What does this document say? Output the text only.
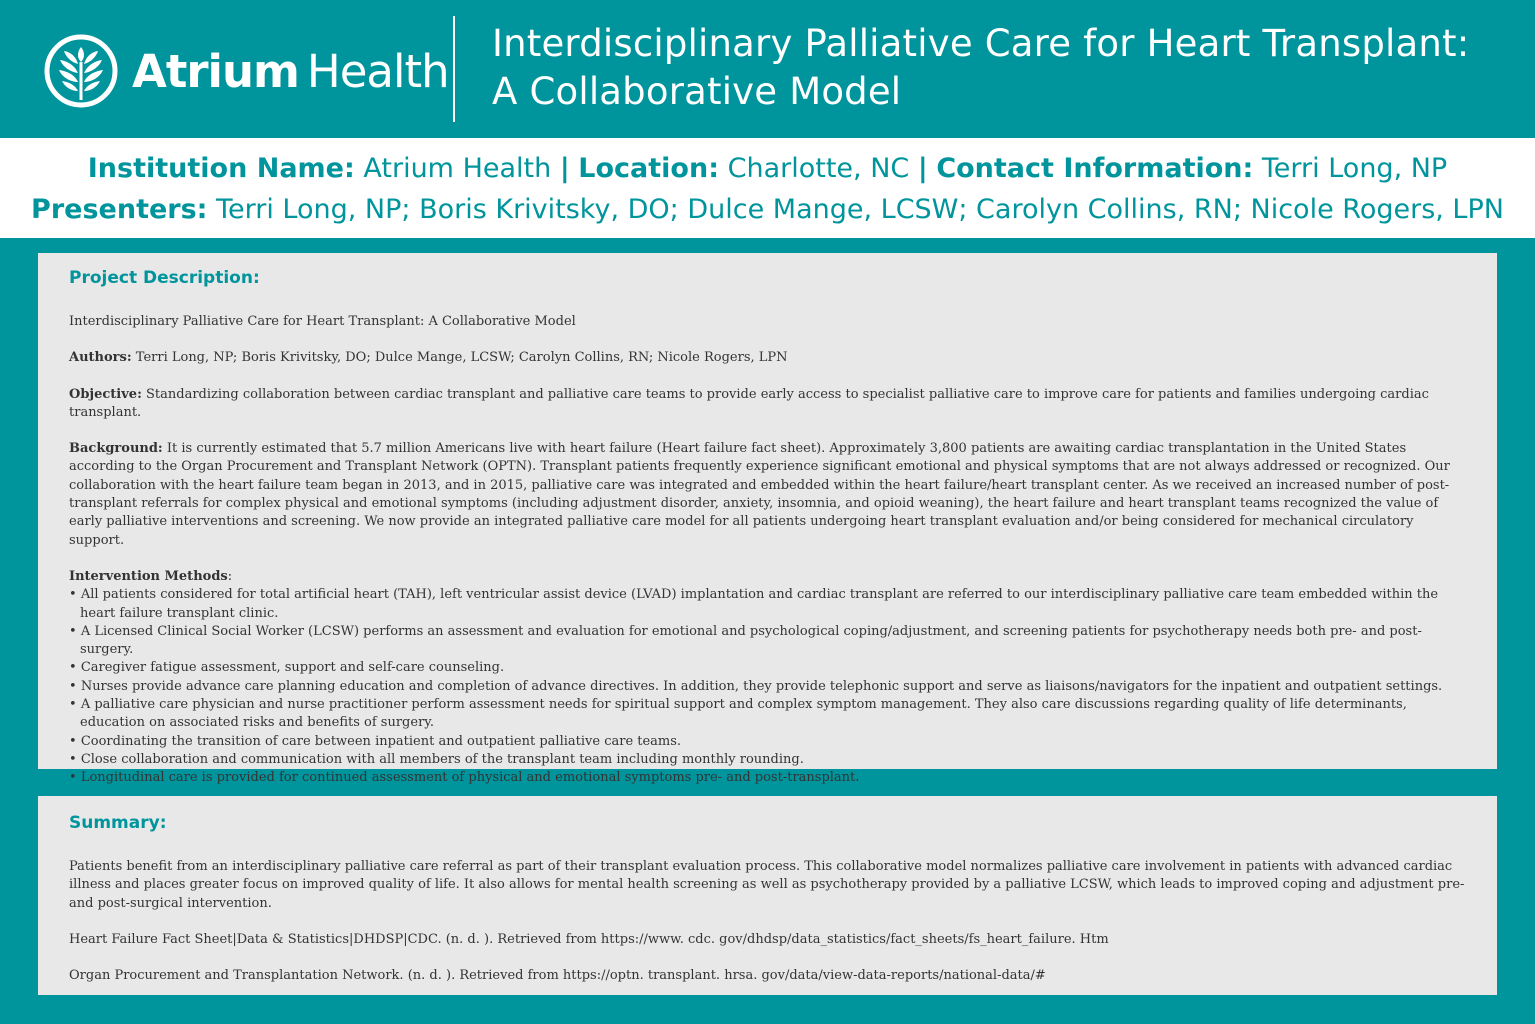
Atrium Health
Interdisciplinary Palliative Care for Heart Transplant:
A Collaborative Model
Institution Name: Atrium Health | Location: Charlotte, NC | Contact Information: Terri Long, NP
Presenters: Terri Long, NP; Boris Krivitsky, DO; Dulce Mange, LCSW; Carolyn Collins, RN; Nicole Rogers, LPN
Project Description:

Interdisciplinary Palliative Care for Heart Transplant: A Collaborative Model

Authors: Terri Long, NP; Boris Krivitsky, DO; Dulce Mange, LCSW; Carolyn Collins, RN; Nicole Rogers, LPN

Objective: Standardizing collaboration between cardiac transplant and palliative care teams to provide early access to specialist palliative care to improve care for patients and families undergoing cardiac transplant.

Background: It is currently estimated that 5.7 million Americans live with heart failure (Heart failure fact sheet). Approximately 3,800 patients are awaiting cardiac transplantation in the United States according to the Organ Procurement and Transplant Network (OPTN). Transplant patients frequently experience significant emotional and physical symptoms that are not always addressed or recognized. Our collaboration with the heart failure team began in 2013, and in 2015, palliative care was integrated and embedded within the heart failure/heart transplant center. As we received an increased number of post-transplant referrals for complex physical and emotional symptoms (including adjustment disorder, anxiety, insomnia, and opioid weaning), the heart failure and heart transplant teams recognized the value of early palliative interventions and screening. We now provide an integrated palliative care model for all patients undergoing heart transplant evaluation and/or being considered for mechanical circulatory support.

Intervention Methods:

• All patients considered for total artificial heart (TAH), left ventricular assist device (LVAD) implantation and cardiac transplant are referred to our interdisciplinary palliative care team embedded within the heart failure transplant clinic.
• A Licensed Clinical Social Worker (LCSW) performs an assessment and evaluation for emotional and psychological coping/adjustment, and screening patients for psychotherapy needs both pre- and post-surgery.
• Caregiver fatigue assessment, support and self-care counseling.
• Nurses provide advance care planning education and completion of advance directives. In addition, they provide telephonic support and serve as liaisons/navigators for the inpatient and outpatient settings.
• A palliative care physician and nurse practitioner perform assessment needs for spiritual support and complex symptom management. They also care discussions regarding quality of life determinants, education on associated risks and benefits of surgery.
• Coordinating the transition of care between inpatient and outpatient palliative care teams.
• Close collaboration and communication with all members of the transplant team including monthly rounding.
• Longitudinal care is provided for continued assessment of physical and emotional symptoms pre- and post-transplant.
Summary:

Patients benefit from an interdisciplinary palliative care referral as part of their transplant evaluation process. This collaborative model normalizes palliative care involvement in patients with advanced cardiac illness and places greater focus on improved quality of life. It also allows for mental health screening as well as psychotherapy provided by a palliative LCSW, which leads to improved coping and adjustment pre- and post-surgical intervention.

Heart Failure Fact Sheet|Data & Statistics|DHDSP|CDC. (n. d. ). Retrieved from https://www. cdc. gov/dhdsp/data_statistics/fact_sheets/fs_heart_failure. Htm

Organ Procurement and Transplantation Network. (n. d. ). Retrieved from https://optn. transplant. hrsa. gov/data/view-data-reports/national-data/#
